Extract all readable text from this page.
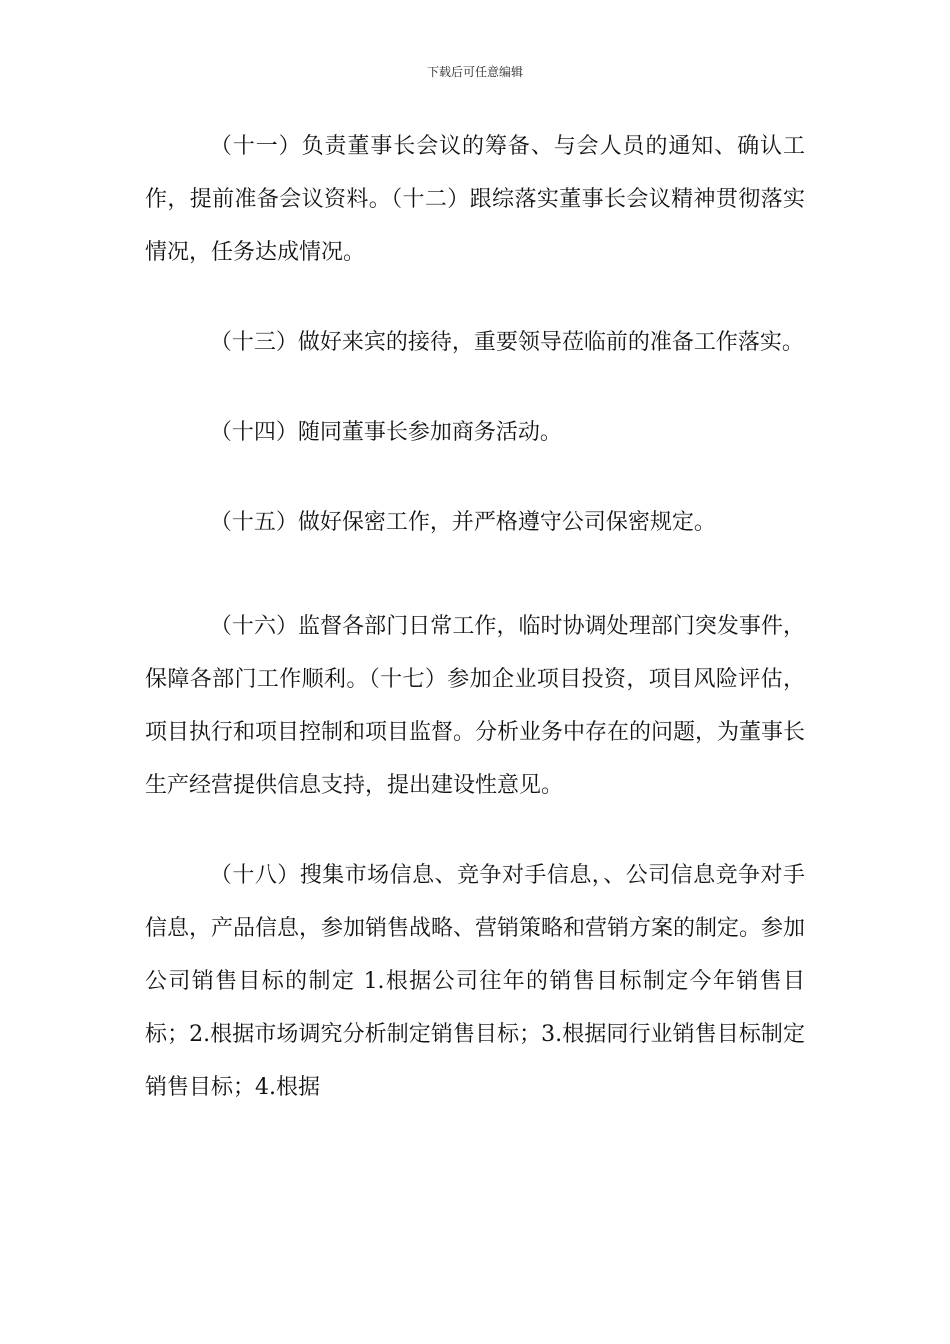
下载后可任意编辑

（十一）负责董事长会议的筹备、与会人员的通知、确认工作，提前准备会议资料。（十二）跟综落实董事长会议精神贯彻落实情况，任务达成情况。

（十三）做好来宾的接待，重要领导莅临前的准备工作落实。

（十四）随同董事长参加商务活动。

（十五）做好保密工作，并严格遵守公司保密规定。

（十六）监督各部门日常工作，临时协调处理部门突发事件，保障各部门工作顺利。（十七）参加企业项目投资，项目风险评估，项目执行和项目控制和项目监督。分析业务中存在的问题，为董事长生产经营提供信息支持，提出建设性意见。

（十八）搜集市场信息、竞争对手信息，、公司信息竞争对手信息，产品信息，参加销售战略、营销策略和营销方案的制定。参加公司销售目标的制定 1.根据公司往年的销售目标制定今年销售目标；2.根据市场调究分析制定销售目标；3.根据同行业销售目标制定销售目标；4.根据
